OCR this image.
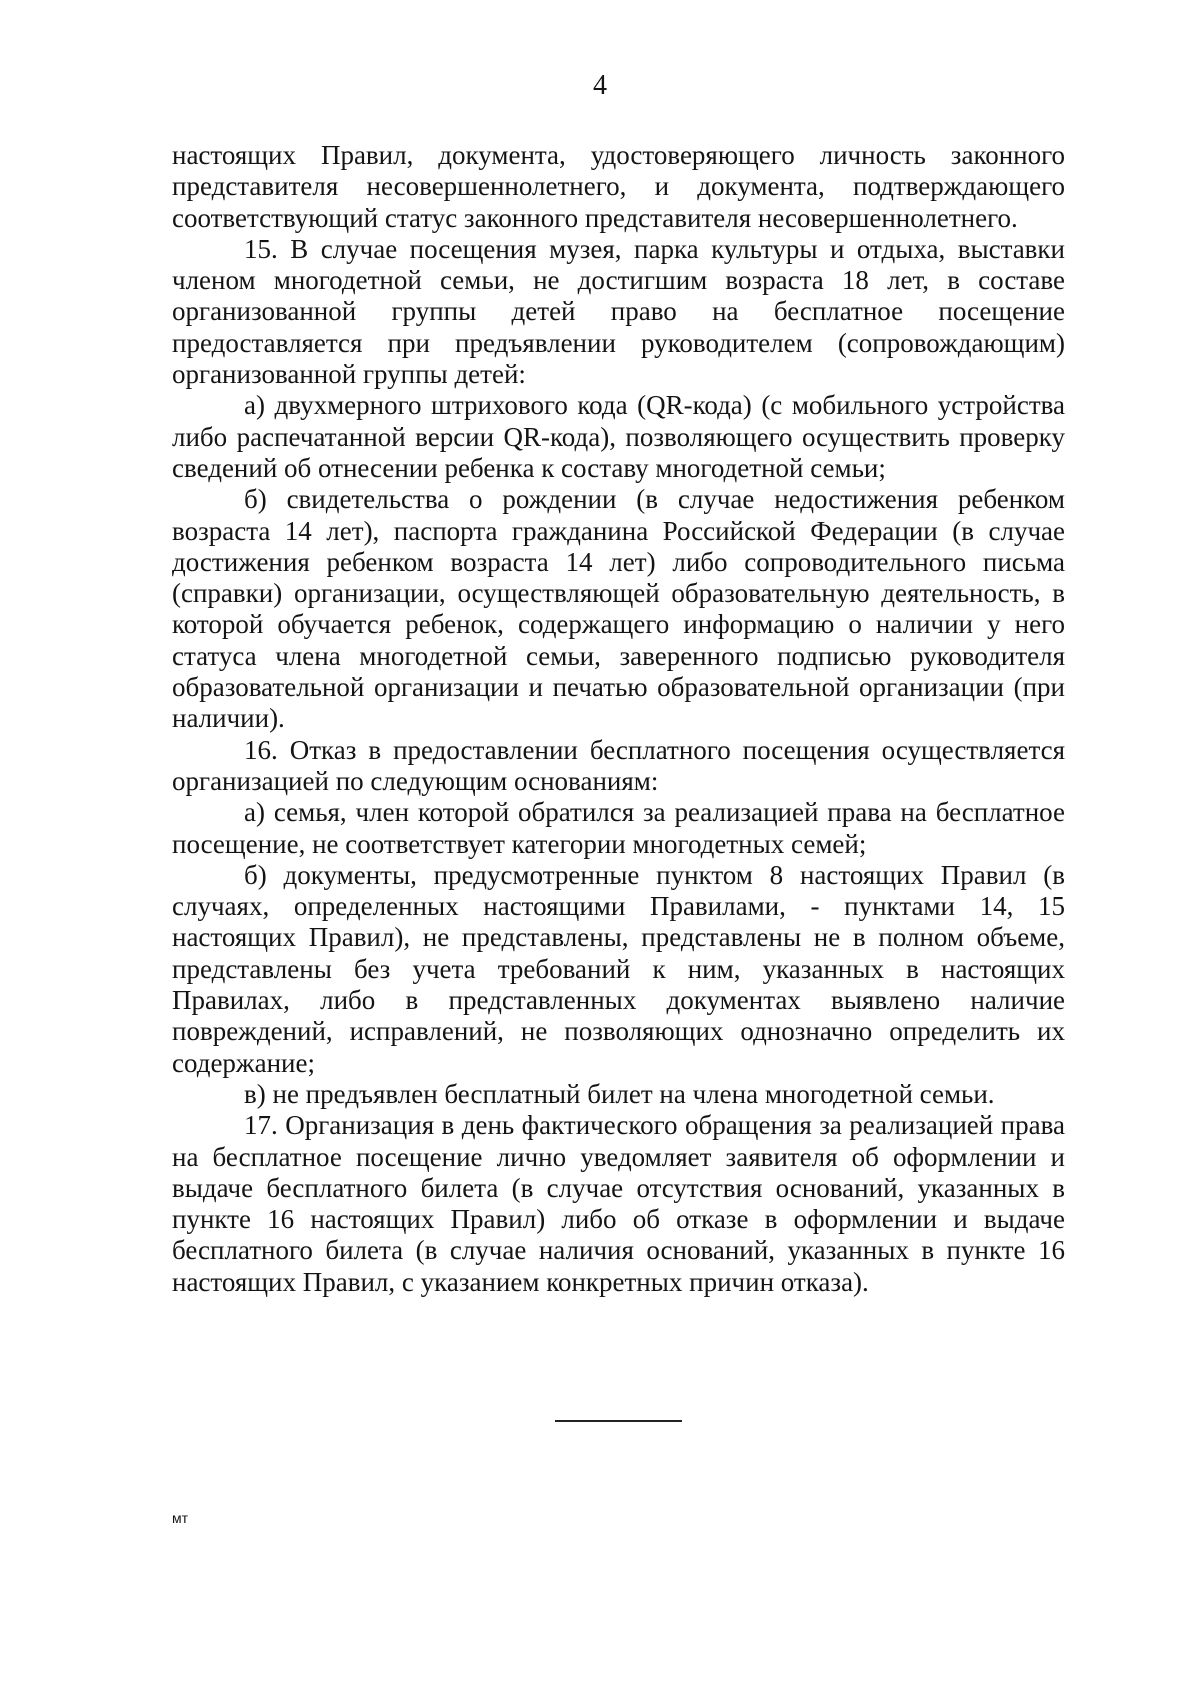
4

настоящих Правил, документа, удостоверяющего личность законного представителя несовершеннолетнего, и документа, подтверждающего соответствующий статус законного представителя несовершеннолетнего.

15. В случае посещения музея, парка культуры и отдыха, выставки членом многодетной семьи, не достигшим возраста 18 лет, в составе организованной группы детей право на бесплатное посещение предоставляется при предъявлении руководителем (сопровождающим) организованной группы детей:

а) двухмерного штрихового кода (QR-кода) (с мобильного устройства либо распечатанной версии QR-кода), позволяющего осуществить проверку сведений об отнесении ребенка к составу многодетной семьи;

б) свидетельства о рождении (в случае недостижения ребенком возраста 14 лет), паспорта гражданина Российской Федерации (в случае достижения ребенком возраста 14 лет) либо сопроводительного письма (справки) организации, осуществляющей образовательную деятельность, в которой обучается ребенок, содержащего информацию о наличии у него статуса члена многодетной семьи, заверенного подписью руководителя образовательной организации и печатью образовательной организации (при наличии).

16. Отказ в предоставлении бесплатного посещения осуществляется организацией по следующим основаниям:

а) семья, член которой обратился за реализацией права на бесплатное посещение, не соответствует категории многодетных семей;

б) документы, предусмотренные пунктом 8 настоящих Правил (в случаях, определенных настоящими Правилами, - пунктами 14, 15 настоящих Правил), не представлены, представлены не в полном объеме, представлены без учета требований к ним, указанных в настоящих Правилах, либо в представленных документах выявлено наличие повреждений, исправлений, не позволяющих однозначно определить их содержание;

в) не предъявлен бесплатный билет на члена многодетной семьи.

17. Организация в день фактического обращения за реализацией права на бесплатное посещение лично уведомляет заявителя об оформлении и выдаче бесплатного билета (в случае отсутствия оснований, указанных в пункте 16 настоящих Правил) либо об отказе в оформлении и выдаче бесплатного билета (в случае наличия оснований, указанных в пункте 16 настоящих Правил, с указанием конкретных причин отказа).

мт
